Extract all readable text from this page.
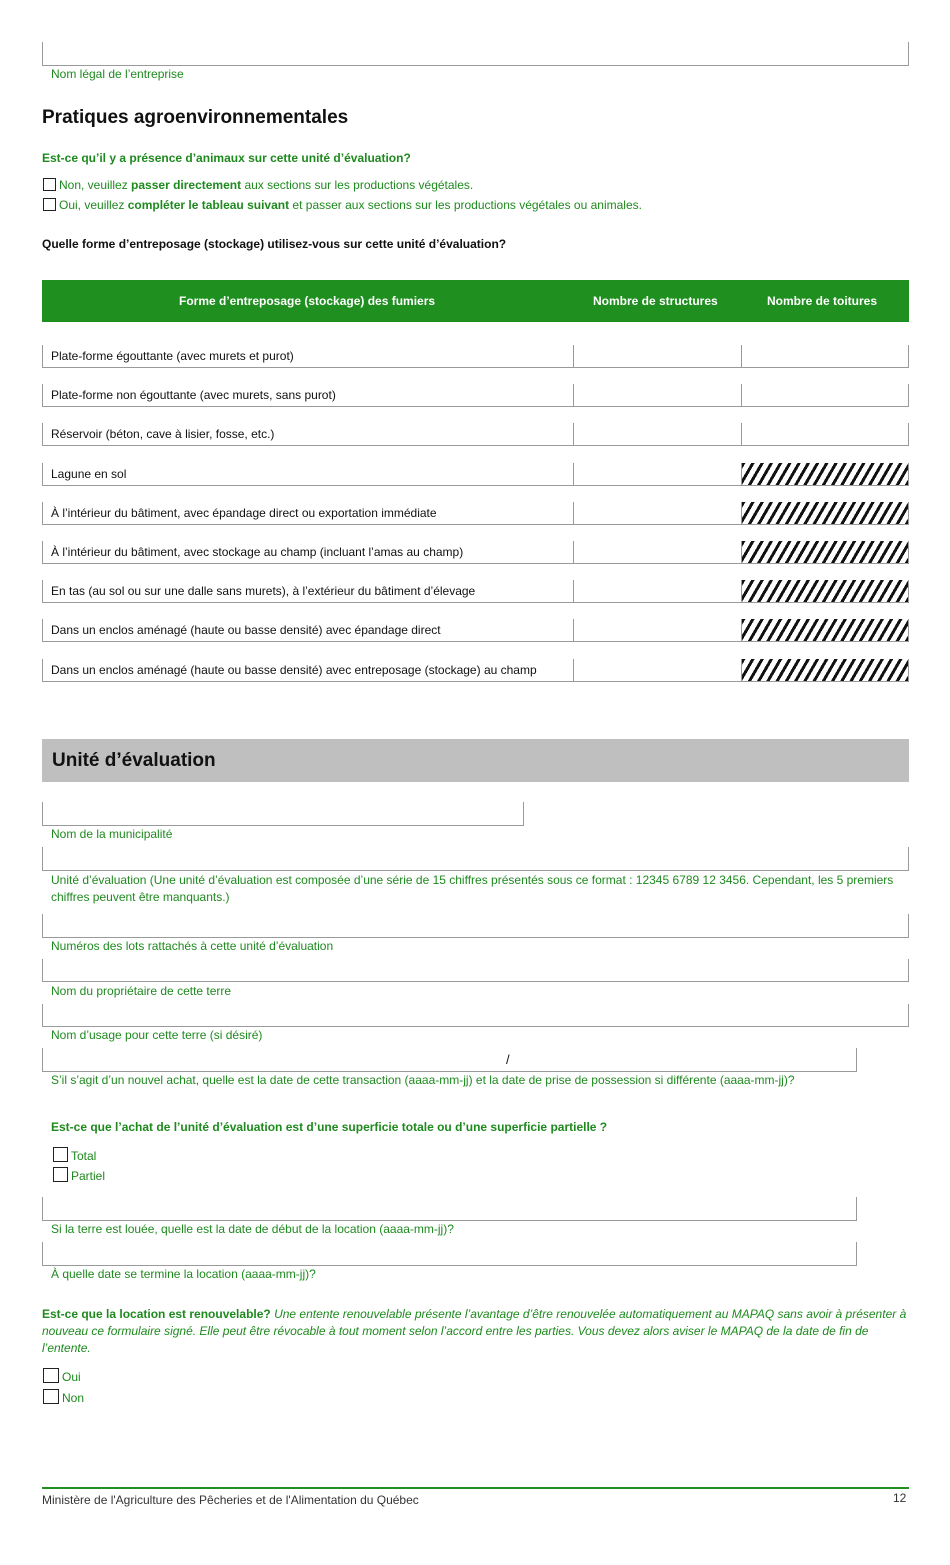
Nom légal de l’entreprise
Pratiques agroenvironnementales
Est-ce qu’il y a présence d’animaux sur cette unité d’évaluation?
Non, veuillez passer directement aux sections sur les productions végétales.
Oui, veuillez compléter le tableau suivant et passer aux sections sur les productions végétales ou animales.
Quelle forme d’entreposage (stockage) utilisez-vous sur cette unité d’évaluation?
Forme d’entreposage (stockage) des fumiers	Nombre de structures	Nombre de toitures
Plate-forme égouttante (avec murets et purot)
Plate-forme non égouttante (avec murets, sans purot)
Réservoir (béton, cave à lisier, fosse, etc.)
Lagune en sol
À l’intérieur du bâtiment, avec épandage direct ou exportation immédiate
À l’intérieur du bâtiment, avec stockage au champ (incluant l’amas au champ)
En tas (au sol ou sur une dalle sans murets), à l’extérieur du bâtiment d’élevage
Dans un enclos aménagé (haute ou basse densité) avec épandage direct
Dans un enclos aménagé (haute ou basse densité) avec entreposage (stockage) au champ
Unité d’évaluation
Nom de la municipalité
Unité d’évaluation (Une unité d’évaluation est composée d’une série de 15 chiffres présentés sous ce format : 12345 6789 12 3456. Cependant, les 5 premiers chiffres peuvent être manquants.)
Numéros des lots rattachés à cette unité d’évaluation
Nom du propriétaire de cette terre
Nom d’usage pour cette terre (si désiré)
/
S’il s’agit d’un nouvel achat, quelle est la date de cette transaction (aaaa-mm-jj) et la date de prise de possession si différente (aaaa-mm-jj)?
Est-ce que l’achat de l’unité d’évaluation est d’une superficie totale ou d’une superficie partielle ?
Total
Partiel
Si la terre est louée, quelle est la date de début de la location (aaaa-mm-jj)?
À quelle date se termine la location (aaaa-mm-jj)?
Est-ce que la location est renouvelable? Une entente renouvelable présente l’avantage d’être renouvelée automatiquement au MAPAQ sans avoir à présenter à nouveau ce formulaire signé. Elle peut être révocable à tout moment selon l’accord entre les parties. Vous devez alors aviser le MAPAQ de la date de fin de l’entente.
Oui
Non
Ministère de l'Agriculture des Pêcheries et de l'Alimentation du Québec	12
